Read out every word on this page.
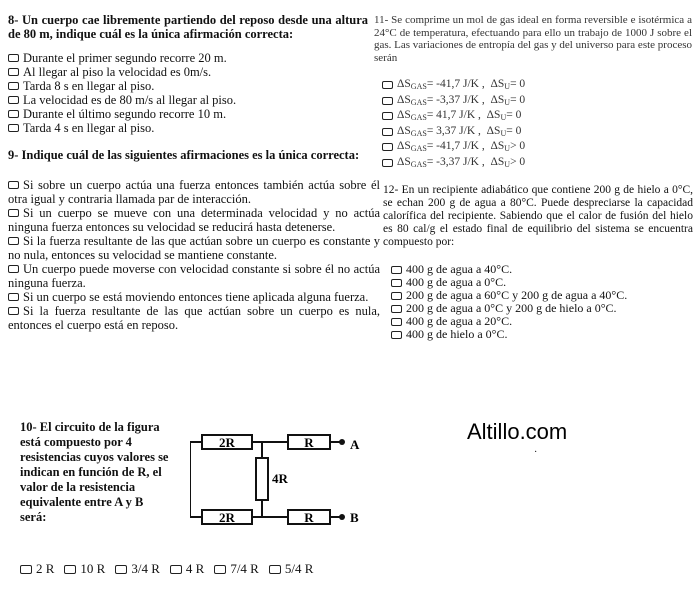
8- Un cuerpo cae libremente partiendo del reposo desde una altura de 80 m, indique cuál es la única afirmación correcta:
Durante el primer segundo recorre 20 m.
Al llegar al piso la velocidad es 0m/s.
Tarda 8 s en llegar al piso.
La velocidad es de 80 m/s al llegar al piso.
Durante el último segundo recorre 10 m.
Tarda 4 s en llegar al piso.
9- Indique cuál de las siguientes afirmaciones es la única correcta:
Si sobre un cuerpo actúa una fuerza entonces también actúa sobre él otra igual y contraria llamada par de interacción.
Si un cuerpo se mueve con una determinada velocidad y no actúa ninguna fuerza entonces su velocidad se reducirá hasta detenerse.
Si la fuerza resultante de las que actúan sobre un cuerpo es constante y no nula, entonces su velocidad se mantiene constante.
Un cuerpo puede moverse con velocidad constante si sobre él no actúa ninguna fuerza.
Si un cuerpo se está moviendo entonces tiene aplicada alguna fuerza.
Si la fuerza resultante de las que actúan sobre un cuerpo es nula, entonces el cuerpo está en reposo.
10- El circuito de la figura está compuesto por 4 resistencias cuyos valores se indican en función de R, el valor de la resistencia equivalente entre A y B será:
2R	R
4R
2R	R
A
B
2 R 10 R 3/4 R 4 R 7/4 R 5/4 R
11- Se comprime un mol de gas ideal en forma reversible e isotérmica a 24°C de temperatura, efectuando para ello un trabajo de 1000 J sobre el gas. Las variaciones de entropía del gas y del universo para este proceso serán
$\Delta S_{GAS}= -41,7$ J/K ,  $\Delta S_U= 0$
$\Delta S_{GAS}= -3,37$ J/K ,  $\Delta S_U= 0$
$\Delta S_{GAS}= 41,7$ J/K ,  $\Delta S_U= 0$
$\Delta S_{GAS}= 3,37$ J/K ,  $\Delta S_U= 0$
$\Delta S_{GAS}= -41,7$ J/K ,  $\Delta S_U> 0$
$\Delta S_{GAS}= -3,37$ J/K ,  $\Delta S_U> 0$
12- En un recipiente adiabático que contiene 200 g de hielo a 0°C, se echan 200 g de agua a 80°C. Puede despreciarse la capacidad calorífica del recipiente. Sabiendo que el calor de fusión del hielo es 80 cal/g el estado final de equilibrio del sistema se encuentra compuesto por:
400 g de agua a 40°C.
400 g de agua a 0°C.
200 g de agua a 60°C y 200 g de agua a 40°C.
200 g de agua a 0°C y 200 g de hielo a 0°C.
400 g de agua a 20°C.
400 g de hielo a 0°C.
Altillo.com
·
